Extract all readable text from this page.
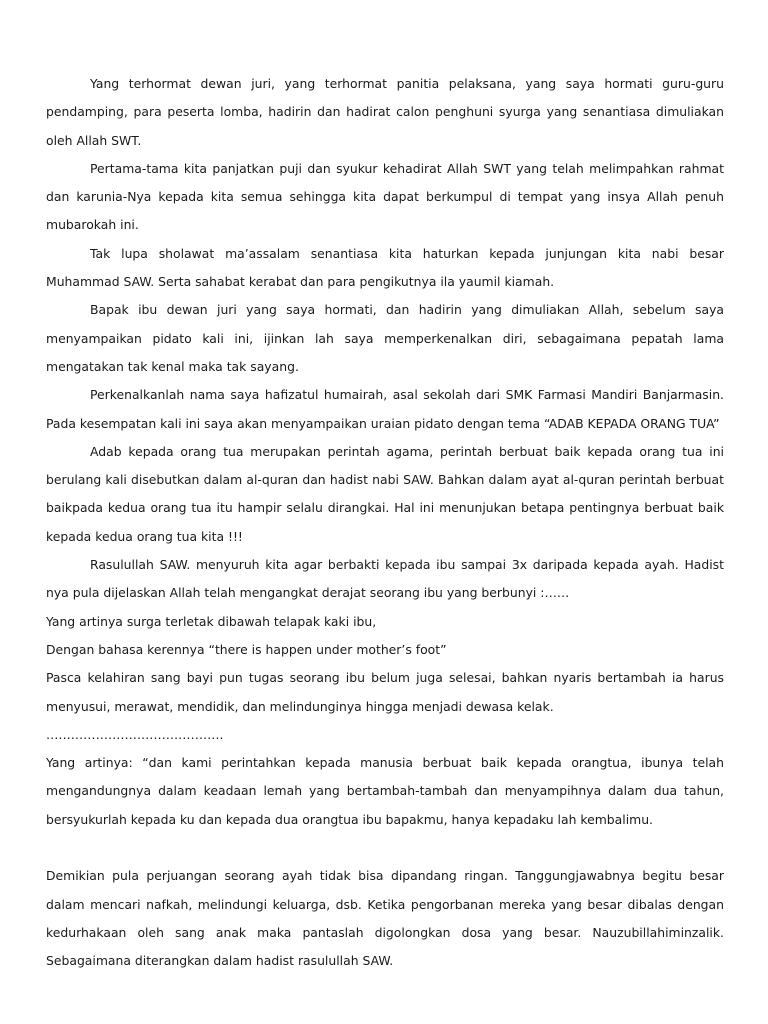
Yang terhormat dewan juri, yang terhormat panitia pelaksana, yang saya hormati guru-guru pendamping, para peserta lomba, hadirin dan hadirat calon penghuni syurga yang senantiasa dimuliakan oleh Allah SWT.

Pertama-tama kita panjatkan puji dan syukur kehadirat Allah SWT yang telah melimpahkan rahmat dan karunia-Nya kepada kita semua sehingga kita dapat berkumpul di tempat yang insya Allah penuh mubarokah ini.

Tak lupa sholawat ma’assalam senantiasa kita haturkan kepada junjungan kita nabi besar Muhammad SAW. Serta sahabat kerabat dan para pengikutnya ila yaumil kiamah.

Bapak ibu dewan juri yang saya hormati, dan hadirin yang dimuliakan Allah, sebelum saya menyampaikan pidato kali ini, ijinkan lah saya memperkenalkan diri, sebagaimana pepatah lama mengatakan tak kenal maka tak sayang.

Perkenalkanlah nama saya hafizatul humairah, asal sekolah dari SMK Farmasi Mandiri Banjarmasin. Pada kesempatan kali ini saya akan menyampaikan uraian pidato dengan tema “ADAB KEPADA ORANG TUA”

Adab kepada orang tua merupakan perintah agama, perintah berbuat baik kepada orang tua ini berulang kali disebutkan dalam al-quran dan hadist nabi SAW. Bahkan dalam ayat al-quran perintah berbuat baikpada kedua orang tua itu hampir selalu dirangkai. Hal ini menunjukan betapa pentingnya berbuat baik kepada kedua orang tua kita !!!

Rasulullah SAW. menyuruh kita agar berbakti kepada ibu sampai 3x daripada kepada ayah. Hadist nya pula dijelaskan Allah telah mengangkat derajat seorang ibu yang berbunyi :……

Yang artinya surga terletak dibawah telapak kaki ibu,

Dengan bahasa kerennya “there is happen under mother’s foot”

Pasca kelahiran sang bayi pun tugas seorang ibu belum juga selesai, bahkan nyaris bertambah ia harus menyusui, merawat, mendidik, dan melindunginya hingga menjadi dewasa kelak.

…………………………………….

Yang artinya: “dan kami perintahkan kepada manusia berbuat baik kepada orangtua, ibunya telah mengandungnya dalam keadaan lemah yang bertambah-tambah dan menyampihnya dalam dua tahun, bersyukurlah kepada ku dan kepada dua orangtua ibu bapakmu, hanya kepadaku lah kembalimu.

Demikian pula perjuangan seorang ayah tidak bisa dipandang ringan. Tanggungjawabnya begitu besar dalam mencari nafkah, melindungi keluarga, dsb. Ketika pengorbanan mereka yang besar dibalas dengan kedurhakaan oleh sang anak maka pantaslah digolongkan dosa yang besar. Nauzubillahiminzalik. Sebagaimana diterangkan dalam hadist rasulullah SAW.
